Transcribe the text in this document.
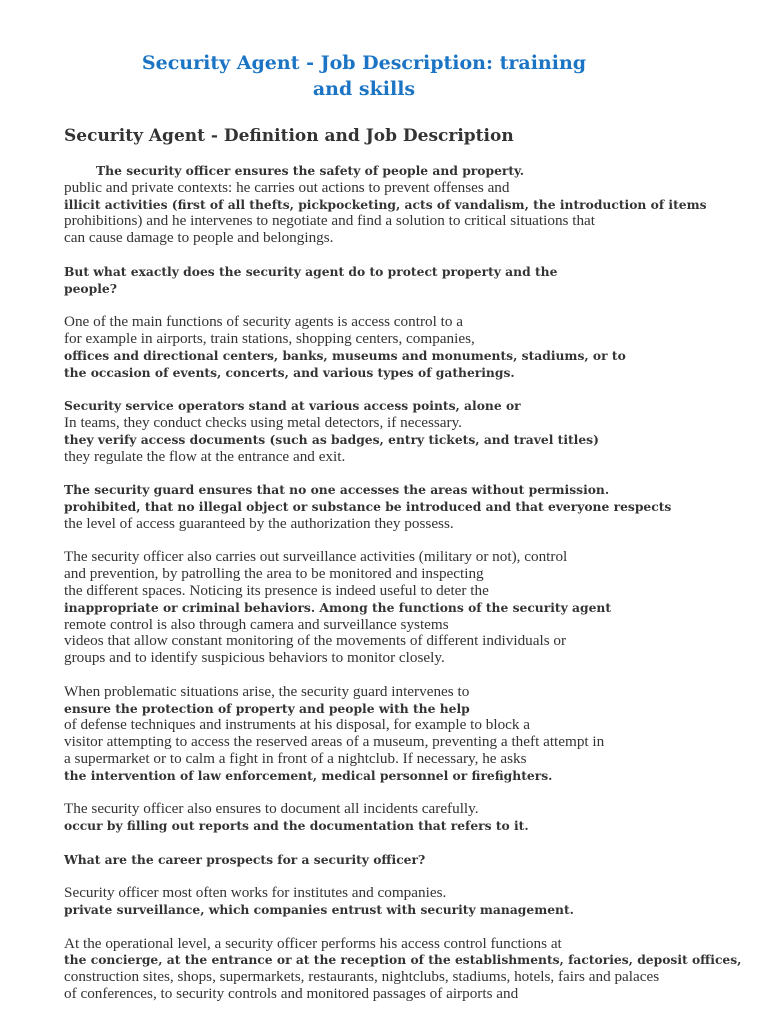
Security Agent - Job Description: training and skills
Security Agent - Definition and Job Description
The security officer ensures the safety of people and property.
public and private contexts: he carries out actions to prevent offenses and
illicit activities (first of all thefts, pickpocketing, acts of vandalism, the introduction of items
prohibitions) and he intervenes to negotiate and find a solution to critical situations that
can cause damage to people and belongings.
But what exactly does the security agent do to protect property and the
people?
One of the main functions of security agents is access control to a
for example in airports, train stations, shopping centers, companies,
offices and directional centers, banks, museums and monuments, stadiums, or to
the occasion of events, concerts, and various types of gatherings.
Security service operators stand at various access points, alone or
In teams, they conduct checks using metal detectors, if necessary.
they verify access documents (such as badges, entry tickets, and travel titles)
they regulate the flow at the entrance and exit.
The security guard ensures that no one accesses the areas without permission.
prohibited, that no illegal object or substance be introduced and that everyone respects
the level of access guaranteed by the authorization they possess.
The security officer also carries out surveillance activities (military or not), control
and prevention, by patrolling the area to be monitored and inspecting
the different spaces. Noticing its presence is indeed useful to deter the
inappropriate or criminal behaviors. Among the functions of the security agent
remote control is also through camera and surveillance systems
videos that allow constant monitoring of the movements of different individuals or
groups and to identify suspicious behaviors to monitor closely.
When problematic situations arise, the security guard intervenes to
ensure the protection of property and people with the help
of defense techniques and instruments at his disposal, for example to block a
visitor attempting to access the reserved areas of a museum, preventing a theft attempt in
a supermarket or to calm a fight in front of a nightclub. If necessary, he asks
the intervention of law enforcement, medical personnel or firefighters.
The security officer also ensures to document all incidents carefully.
occur by filling out reports and the documentation that refers to it.
What are the career prospects for a security officer?
Security officer most often works for institutes and companies.
private surveillance, which companies entrust with security management.
At the operational level, a security officer performs his access control functions at
the concierge, at the entrance or at the reception of the establishments, factories, deposit offices,
construction sites, shops, supermarkets, restaurants, nightclubs, stadiums, hotels, fairs and palaces
of conferences, to security controls and monitored passages of airports and
